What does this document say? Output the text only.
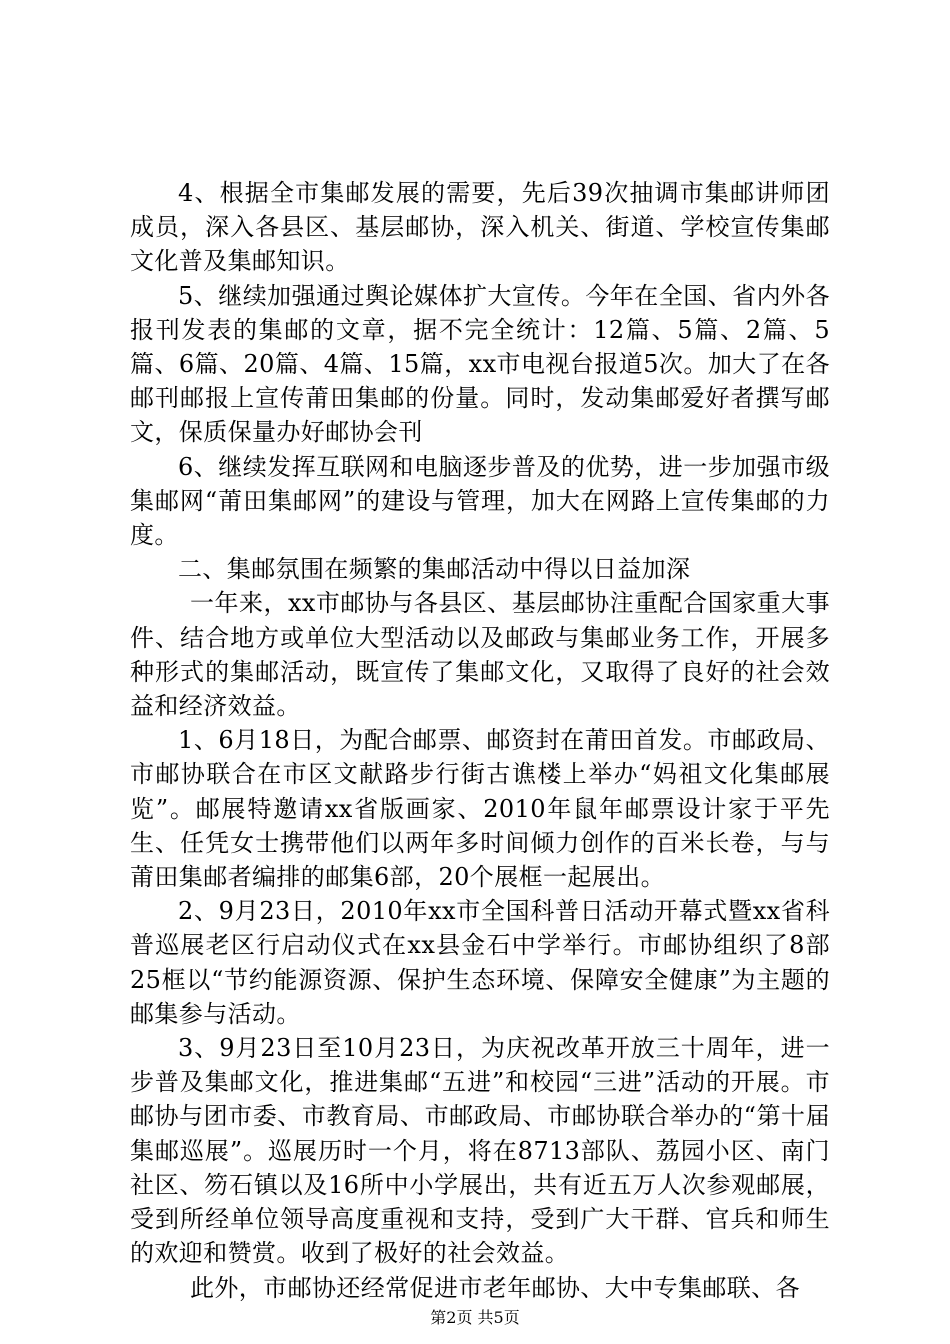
4、根据全市集邮发展的需要，先后39次抽调市集邮讲师团成员，深入各县区、基层邮协，深入机关、街道、学校宣传集邮文化普及集邮知识。

5、继续加强通过舆论媒体扩大宣传。今年在全国、省内外各报刊发表的集邮的文章，据不完全统计：12篇、5篇、2篇、5篇、6篇、20篇、4篇、15篇，xx市电视台报道5次。加大了在各邮刊邮报上宣传莆田集邮的份量。同时，发动集邮爱好者撰写邮文，保质保量办好邮协会刊

6、继续发挥互联网和电脑逐步普及的优势，进一步加强市级集邮网“莆田集邮网”的建设与管理，加大在网路上宣传集邮的力度。

二、集邮氛围在频繁的集邮活动中得以日益加深

一年来，xx市邮协与各县区、基层邮协注重配合国家重大事件、结合地方或单位大型活动以及邮政与集邮业务工作，开展多种形式的集邮活动，既宣传了集邮文化，又取得了良好的社会效益和经济效益。

1、6月18日，为配合邮票、邮资封在莆田首发。市邮政局、市邮协联合在市区文献路步行街古谯楼上举办“妈祖文化集邮展览”。邮展特邀请xx省版画家、2010年鼠年邮票设计家于平先生、任凭女士携带他们以两年多时间倾力创作的百米长卷，与与莆田集邮者编排的邮集6部，20个展框一起展出。

2、9月23日，2010年xx市全国科普日活动开幕式暨xx省科普巡展老区行启动仪式在xx县金石中学举行。市邮协组织了8部25框以“节约能源资源、保护生态环境、保障安全健康”为主题的邮集参与活动。

3、9月23日至10月23日，为庆祝改革开放三十周年，进一步普及集邮文化，推进集邮“五进”和校园“三进”活动的开展。市邮协与团市委、市教育局、市邮政局、市邮协联合举办的“第十届集邮巡展”。巡展历时一个月，将在8713部队、荔园小区、南门社区、笏石镇以及16所中小学展出，共有近五万人次参观邮展，受到所经单位领导高度重视和支持，受到广大干群、官兵和师生的欢迎和赞赏。收到了极好的社会效益。

此外，市邮协还经常促进市老年邮协、大中专集邮联、各

第2页 共5页
